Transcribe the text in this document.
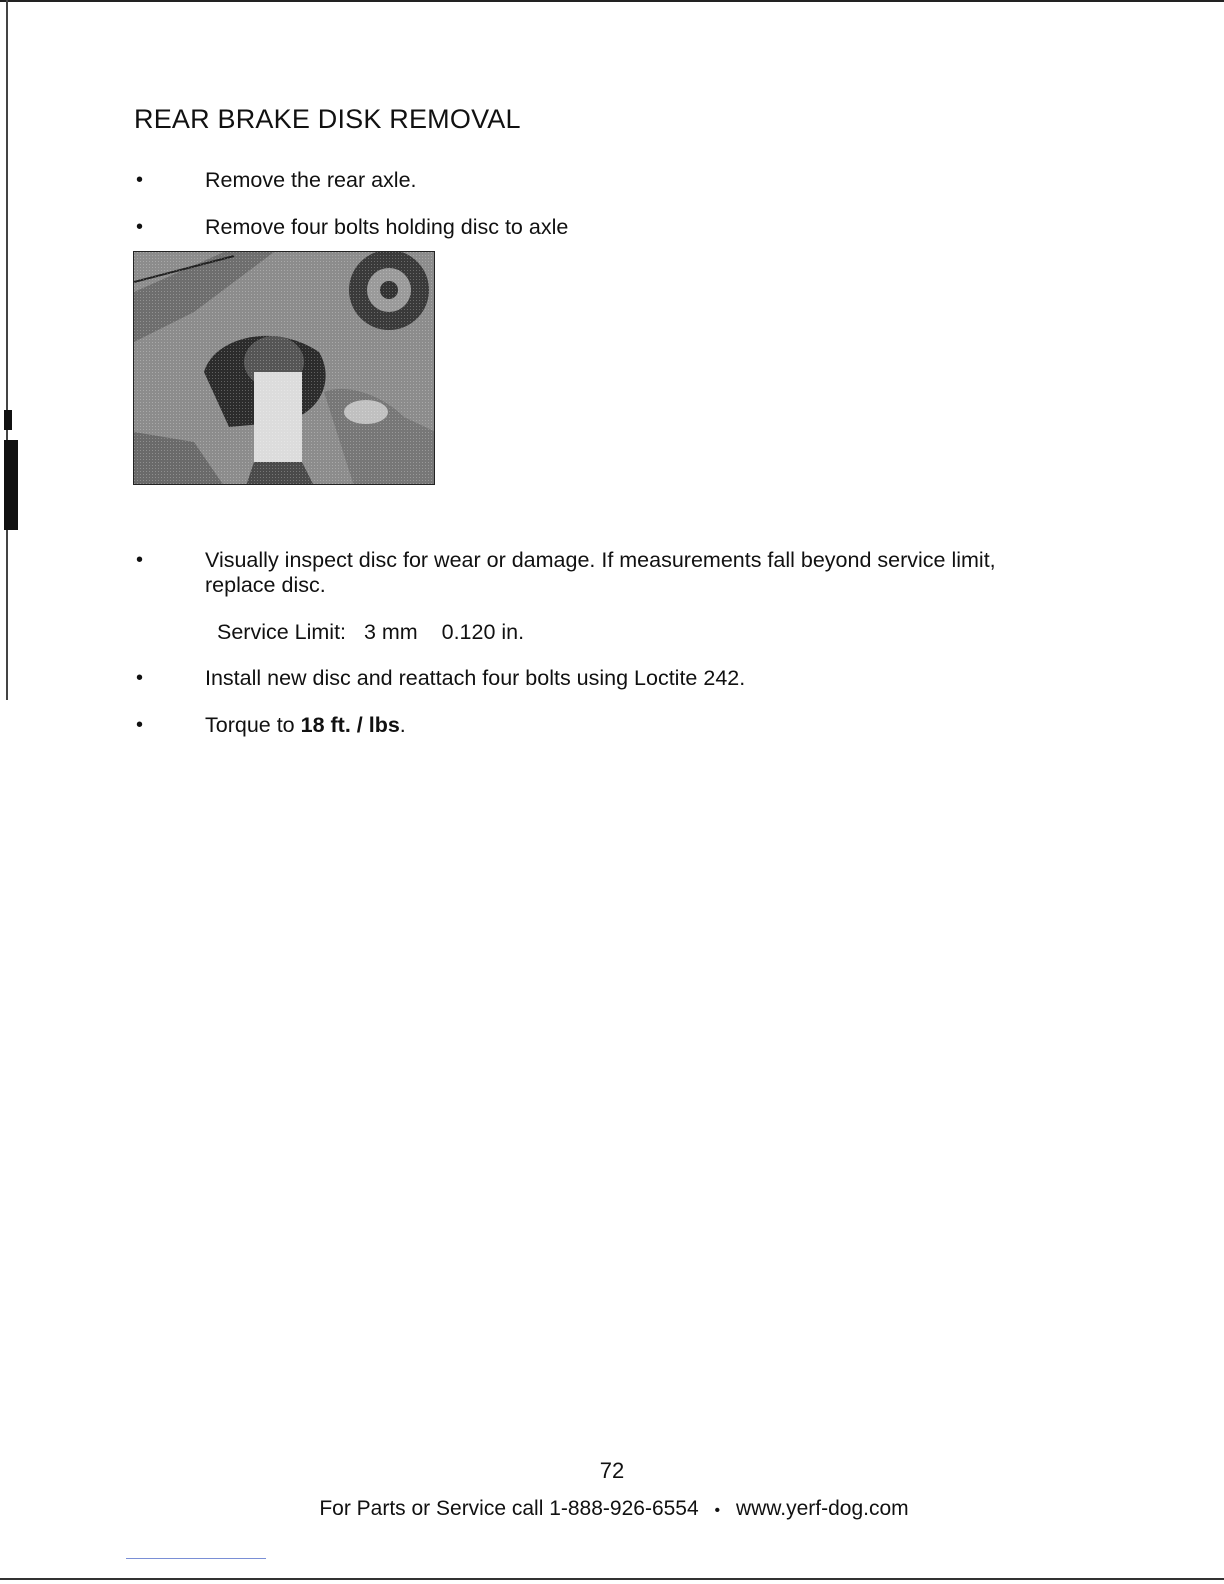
REAR BRAKE DISK REMOVAL
•	Remove the rear axle.
•	Remove four bolts holding disc to axle
•	Visually inspect disc for wear or damage. If measurements fall beyond service limit, replace disc.
Service Limit: 3 mm 0.120 in.
•	Install new disc and reattach four bolts using Loctite 242.
•	Torque to 18 ft. / lbs.
72
For Parts or Service call 1-888-926-6554 • www.yerf-dog.com
